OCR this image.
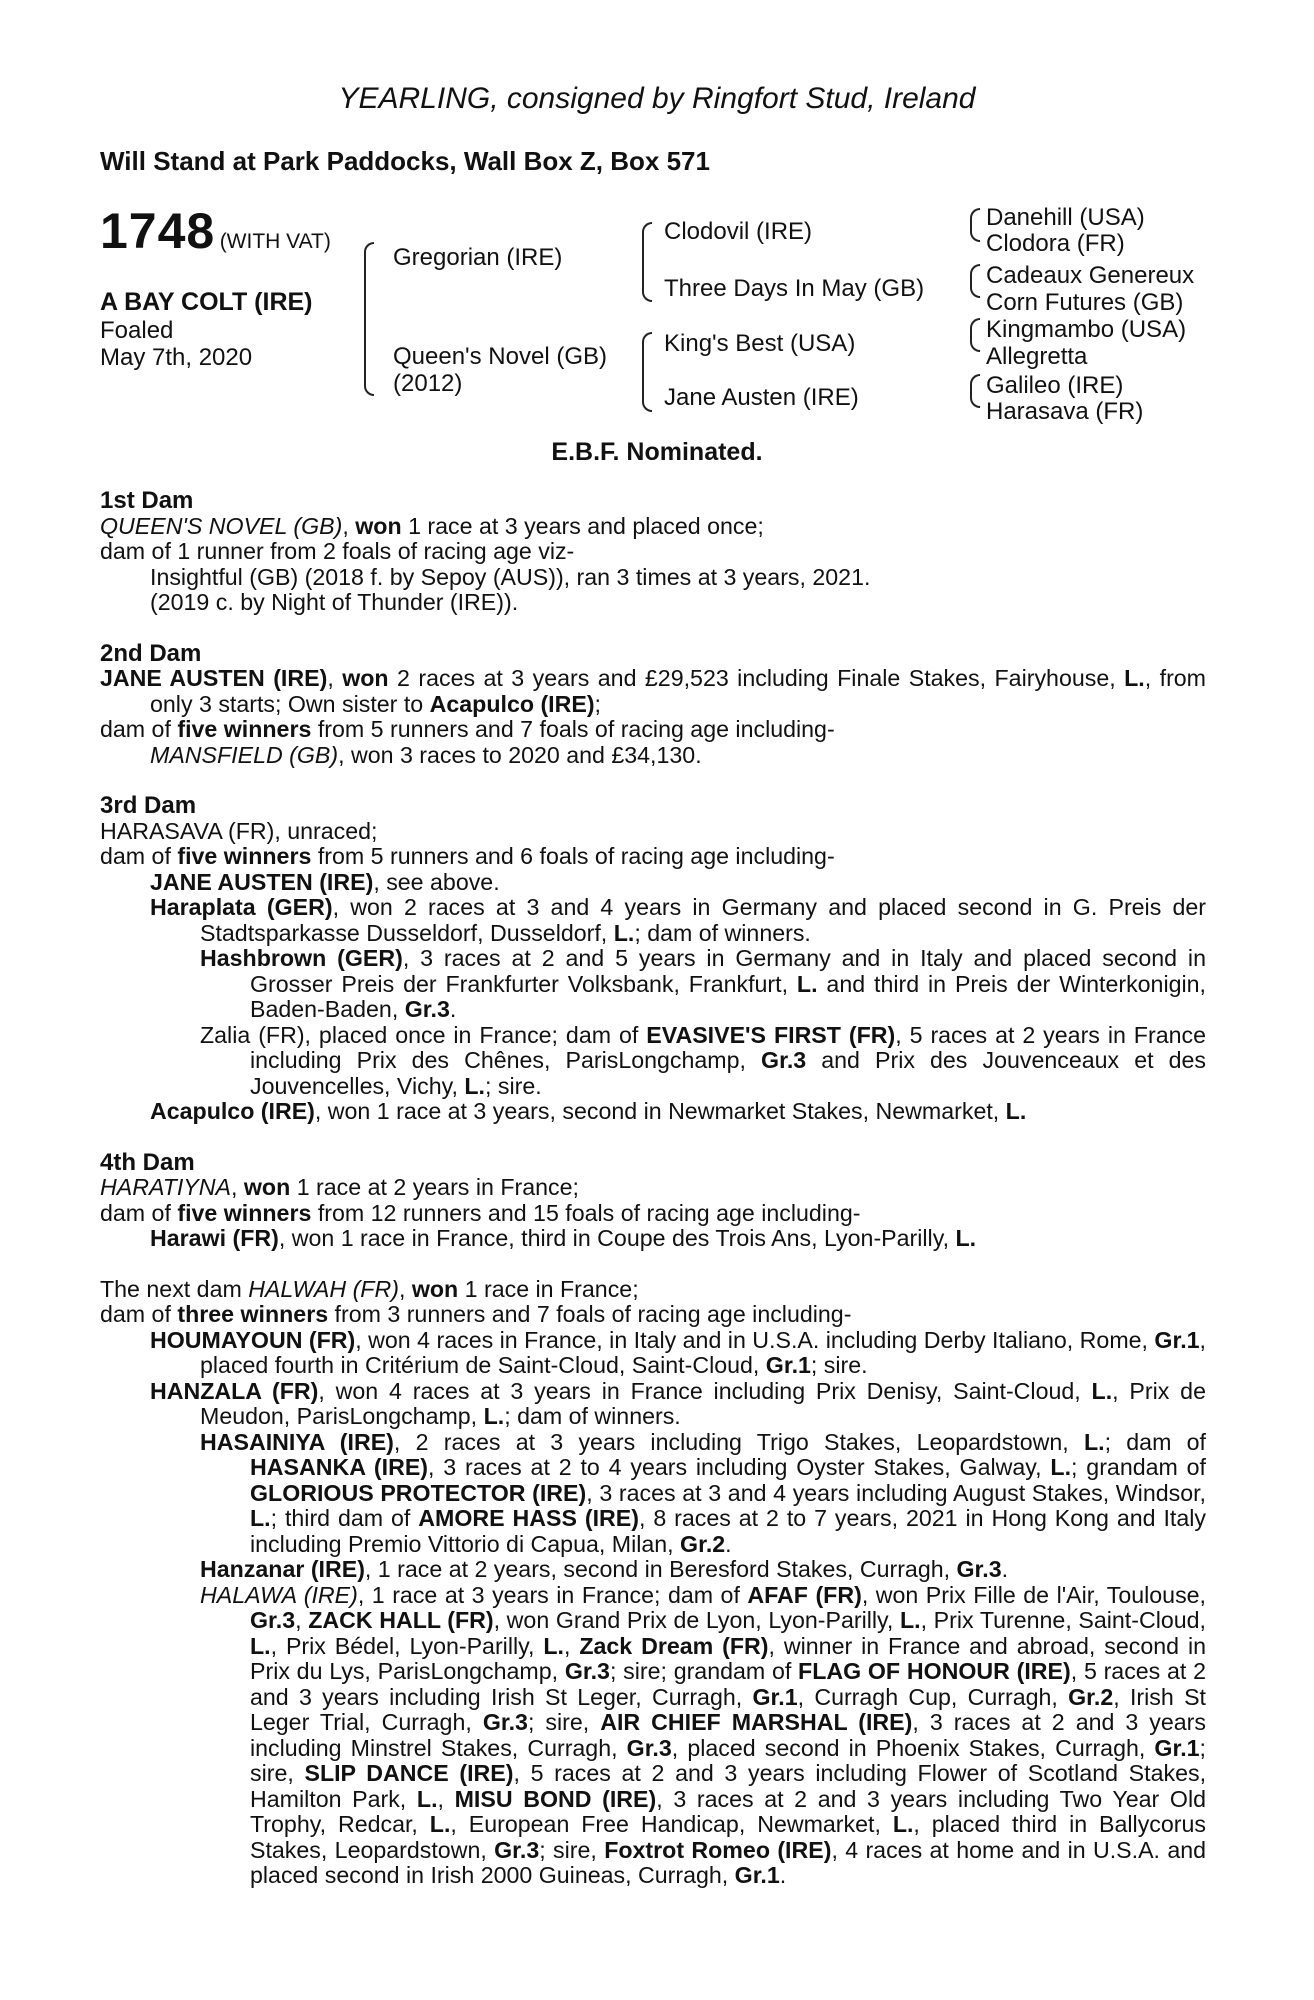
YEARLING, consigned by Ringfort Stud, Ireland
Will Stand at Park Paddocks, Wall Box Z, Box 571
1748 (WITH VAT)
A BAY COLT (IRE)
Foaled
May 7th, 2020
Gregorian (IRE)
Queen's Novel (GB)
(2012)
Clodovil (IRE)
Three Days In May (GB)
King's Best (USA)
Jane Austen (IRE)
Danehill (USA)
Clodora (FR)
Cadeaux Genereux
Corn Futures (GB)
Kingmambo (USA)
Allegretta
Galileo (IRE)
Harasava (FR)
E.B.F. Nominated.
1st Dam

QUEEN'S NOVEL (GB), won 1 race at 3 years and placed once;

dam of 1 runner from 2 foals of racing age viz-

Insightful (GB) (2018 f. by Sepoy (AUS)), ran 3 times at 3 years, 2021.

(2019 c. by Night of Thunder (IRE)).

2nd Dam

JANE AUSTEN (IRE), won 2 races at 3 years and £29,523 including Finale Stakes, Fairyhouse, L., from only 3 starts; Own sister to Acapulco (IRE);

dam of five winners from 5 runners and 7 foals of racing age including-

MANSFIELD (GB), won 3 races to 2020 and £34,130.

3rd Dam

HARASAVA (FR), unraced;

dam of five winners from 5 runners and 6 foals of racing age including-

JANE AUSTEN (IRE), see above.

Haraplata (GER), won 2 races at 3 and 4 years in Germany and placed second in G. Preis der Stadtsparkasse Dusseldorf, Dusseldorf, L.; dam of winners.

Hashbrown (GER), 3 races at 2 and 5 years in Germany and in Italy and placed second in Grosser Preis der Frankfurter Volksbank, Frankfurt, L. and third in Preis der Winterkonigin, Baden-Baden, Gr.3.

Zalia (FR), placed once in France; dam of EVASIVE'S FIRST (FR), 5 races at 2 years in France including Prix des Chênes, ParisLongchamp, Gr.3 and Prix des Jouvenceaux et des Jouvencelles, Vichy, L.; sire.

Acapulco (IRE), won 1 race at 3 years, second in Newmarket Stakes, Newmarket, L.

4th Dam

HARATIYNA, won 1 race at 2 years in France;

dam of five winners from 12 runners and 15 foals of racing age including-

Harawi (FR), won 1 race in France, third in Coupe des Trois Ans, Lyon-Parilly, L.

The next dam HALWAH (FR), won 1 race in France;

dam of three winners from 3 runners and 7 foals of racing age including-

HOUMAYOUN (FR), won 4 races in France, in Italy and in U.S.A. including Derby Italiano, Rome, Gr.1, placed fourth in Critérium de Saint-Cloud, Saint-Cloud, Gr.1; sire.

HANZALA (FR), won 4 races at 3 years in France including Prix Denisy, Saint-Cloud, L., Prix de Meudon, ParisLongchamp, L.; dam of winners.

HASAINIYA (IRE), 2 races at 3 years including Trigo Stakes, Leopardstown, L.; dam of HASANKA (IRE), 3 races at 2 to 4 years including Oyster Stakes, Galway, L.; grandam of GLORIOUS PROTECTOR (IRE), 3 races at 3 and 4 years including August Stakes, Windsor, L.; third dam of AMORE HASS (IRE), 8 races at 2 to 7 years, 2021 in Hong Kong and Italy including Premio Vittorio di Capua, Milan, Gr.2.

Hanzanar (IRE), 1 race at 2 years, second in Beresford Stakes, Curragh, Gr.3.

HALAWA (IRE), 1 race at 3 years in France; dam of AFAF (FR), won Prix Fille de l'Air, Toulouse, Gr.3, ZACK HALL (FR), won Grand Prix de Lyon, Lyon-Parilly, L., Prix Turenne, Saint-Cloud, L., Prix Bédel, Lyon-Parilly, L., Zack Dream (FR), winner in France and abroad, second in Prix du Lys, ParisLongchamp, Gr.3; sire; grandam of FLAG OF HONOUR (IRE), 5 races at 2 and 3 years including Irish St Leger, Curragh, Gr.1, Curragh Cup, Curragh, Gr.2, Irish St Leger Trial, Curragh, Gr.3; sire, AIR CHIEF MARSHAL (IRE), 3 races at 2 and 3 years including Minstrel Stakes, Curragh, Gr.3, placed second in Phoenix Stakes, Curragh, Gr.1; sire, SLIP DANCE (IRE), 5 races at 2 and 3 years including Flower of Scotland Stakes, Hamilton Park, L., MISU BOND (IRE), 3 races at 2 and 3 years including Two Year Old Trophy, Redcar, L., European Free Handicap, Newmarket, L., placed third in Ballycorus Stakes, Leopardstown, Gr.3; sire, Foxtrot Romeo (IRE), 4 races at home and in U.S.A. and placed second in Irish 2000 Guineas, Curragh, Gr.1.
